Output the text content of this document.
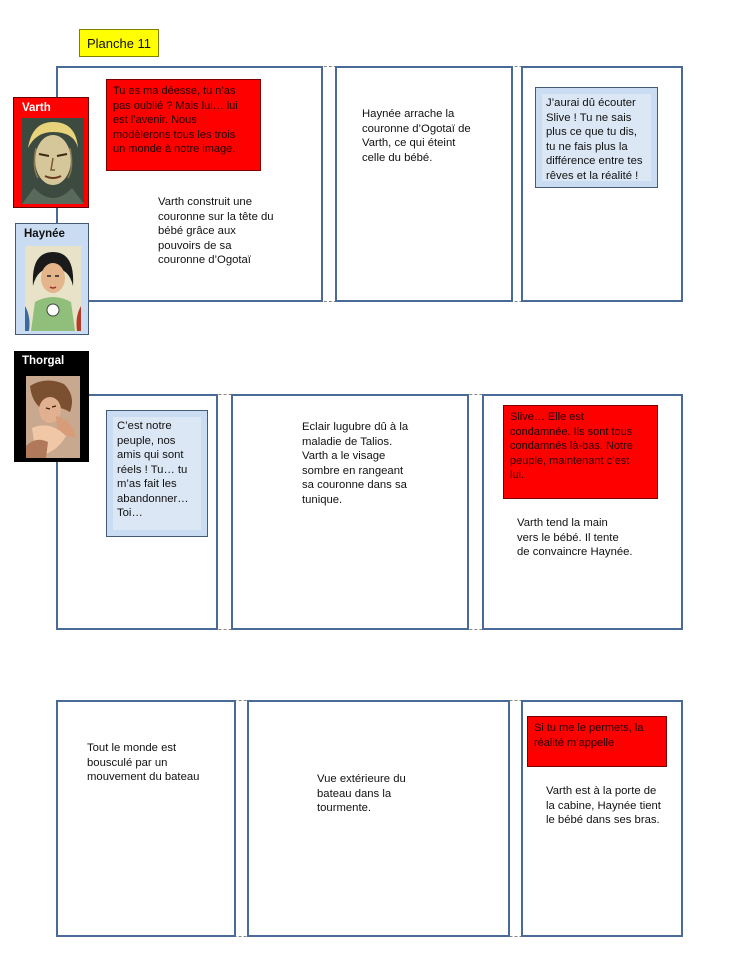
Planche 11
Tu es ma déesse, tu n’as
pas oublié ? Mais lui… lui
est l’avenir. Nous
modèlerons tous les trois
un monde à notre image.
Varth construit une
couronne sur la tête du
bébé grâce aux
pouvoirs de sa
couronne d’Ogotaï
Haynée arrache la
couronne d’Ogotaï de
Varth, ce qui éteint
celle du bébé.
J’aurai dû écouter
Slive ! Tu ne sais
plus ce que tu dis,
tu ne fais plus la
différence entre tes
rêves et la réalité !
C’est notre
peuple, nos
amis qui sont
réels ! Tu… tu
m’as fait les
abandonner…
Toi…
Eclair lugubre dû à la
maladie de Talios.
Varth a le visage
sombre en rangeant
sa couronne dans sa
tunique.
Slive… Elle est
condamnée. Ils sont tous
condamnés là-bas. Notre
peuple, maintenant c’est
lui.
Varth tend la main
vers le bébé. Il tente
de convaincre Haynée.
Tout le monde est
bousculé par un
mouvement du bateau	Vue extérieure du
bateau dans la
tourmente.
Si tu me le permets, la
réalité m’appelle
Varth est à la porte de
la cabine, Haynée tient
le bébé dans ses bras.
Varth
Haynée
Thorgal
